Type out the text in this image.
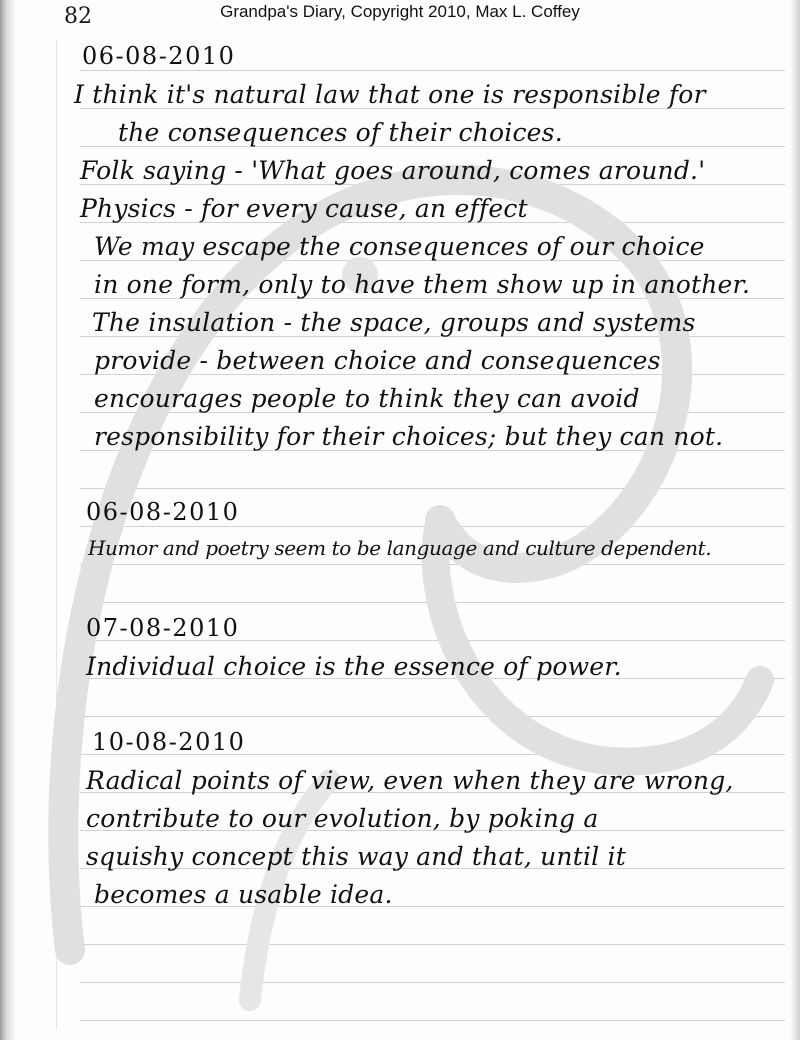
82	Grandpa's Diary, Copyright 2010, Max L. Coffey
06-08-2010
I think it's natural law that one is responsible for
the consequences of their choices.
Folk saying - 'What goes around, comes around.'
Physics - for every cause, an effect
We may escape the consequences of our choice
in one form, only to have them show up in another.
The insulation - the space, groups and systems
provide - between choice and consequences
encourages people to think they can avoid
responsibility for their choices; but they can not.
06-08-2010
Humor and poetry seem to be language and culture dependent.
07-08-2010
Individual choice is the essence of power.
10-08-2010
Radical points of view, even when they are wrong,
contribute to our evolution, by poking a
squishy concept this way and that, until it
becomes a usable idea.
